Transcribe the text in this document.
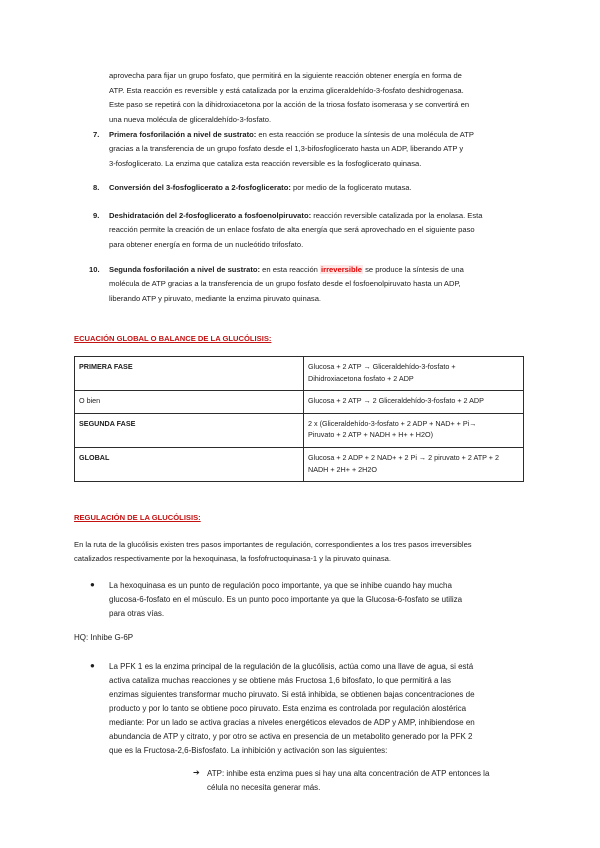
aprovecha para fijar un grupo fosfato, que permitirá en la siguiente reacción obtener energía en forma de

ATP. Esta reacción es reversible y está catalizada por la enzima gliceraldehído-3-fosfato deshidrogenasa.

Este paso se repetirá con la dihidroxiacetona por la acción de la triosa fosfato isomerasa y se convertirá en

una nueva molécula de gliceraldehído-3-fosfato.

7. Primera fosforilación a nivel de sustrato: en esta reacción se produce la síntesis de una molécula de ATP

gracias a la transferencia de un grupo fosfato desde el 1,3-bifosfoglicerato hasta un ADP, liberando ATP y

3-fosfoglicerato. La enzima que cataliza esta reacción reversible es la fosfoglicerato quinasa.

8. Conversión del 3-fosfoglicerato a 2-fosfoglicerato: por medio de la foglicerato mutasa.

9. Deshidratación del 2-fosfoglicerato a fosfoenolpiruvato: reacción reversible catalizada por la enolasa. Esta

reacción permite la creación de un enlace fosfato de alta energía que será aprovechado en el siguiente paso

para obtener energía en forma de un nucleótido trifosfato.

10. Segunda fosforilación a nivel de sustrato: en esta reacción irreversible se produce la síntesis de una

molécula de ATP gracias a la transferencia de un grupo fosfato desde el fosfoenolpiruvato hasta un ADP,

liberando ATP y piruvato, mediante la enzima piruvato quinasa.

ECUACIÓN GLOBAL O BALANCE DE LA GLUCÓLISIS:
PRIMERA FASE	Glucosa + 2 ATP → Gliceraldehído-3-fosfato +
Dihidroxiacetona fosfato + 2 ADP
O bien	Glucosa + 2 ATP → 2 Gliceraldehído-3-fosfato + 2 ADP
SEGUNDA FASE	2 x (Gliceraldehído-3-fosfato + 2 ADP + NAD+ + Pi→
Piruvato + 2 ATP + NADH + H+ + H2O)
GLOBAL	Glucosa + 2 ADP + 2 NAD+ + 2 Pi → 2 piruvato + 2 ATP + 2
NADH + 2H+ + 2H2O
REGULACIÓN DE LA GLUCÓLISIS:

En la ruta de la glucólisis existen tres pasos importantes de regulación, correspondientes a los tres pasos irreversibles

catalizados respectivamente por la hexoquinasa, la fosfofructoquinasa-1 y la piruvato quinasa.

● La hexoquinasa es un punto de regulación poco importante, ya que se inhibe cuando hay mucha

glucosa-6-fosfato en el músculo. Es un punto poco importante ya que la Glucosa-6-fosfato se utiliza

para otras vías.

HQ: Inhibe G-6P

● La PFK 1 es la enzima principal de la regulación de la glucólisis, actúa como una llave de agua, si está

activa cataliza muchas reacciones y se obtiene más Fructosa 1,6 bifosfato, lo que permitirá a las

enzimas siguientes transformar mucho piruvato. Si está inhibida, se obtienen bajas concentraciones de

producto y por lo tanto se obtiene poco piruvato. Esta enzima es controlada por regulación alostérica

mediante: Por un lado se activa gracias a niveles energéticos elevados de ADP y AMP, inhibiendose en

abundancia de ATP y citrato, y por otro se activa en presencia de un metabolito generado por la PFK 2

que es la Fructosa-2,6-Bisfosfato. La inhibición y activación son las siguientes:

➔ ATP: inhibe esta enzima pues si hay una alta concentración de ATP entonces la

célula no necesita generar más.
